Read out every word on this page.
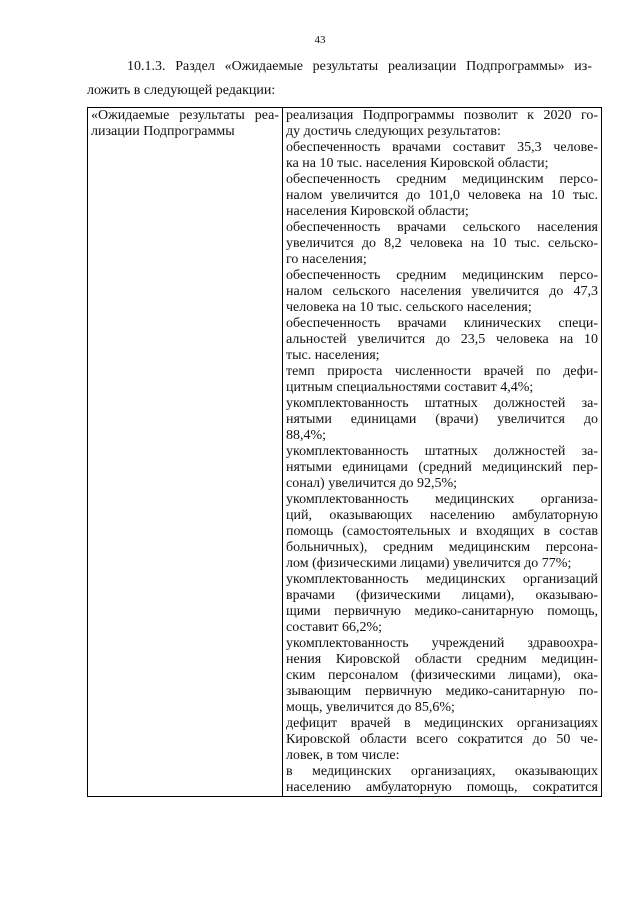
43
10.1.3. Раздел «Ожидаемые результаты реализации Подпрограммы» из-
ложить в следующей редакции:
«Ожидаемые результаты реа-
лизации Подпрограммы

реализация Подпрограммы позволит к 2020 го-
ду достичь следующих результатов:
обеспеченность врачами составит 35,3 челове-
ка на 10 тыс. населения Кировской области;
обеспеченность средним медицинским персо-
налом увеличится до 101,0 человека на 10 тыс.
населения Кировской области;
обеспеченность врачами сельского населения
увеличится до 8,2 человека на 10 тыс. сельско-
го населения;
обеспеченность средним медицинским персо-
налом сельского населения увеличится до 47,3
человека на 10 тыс. сельского населения;
обеспеченность врачами клинических специ-
альностей увеличится до 23,5 человека на 10
тыс. населения;
темп прироста численности врачей по дефи-
цитным специальностями составит 4,4%;
укомплектованность штатных должностей за-
нятыми единицами (врачи) увеличится до
88,4%;
укомплектованность штатных должностей за-
нятыми единицами (средний медицинский пер-
сонал) увеличится до 92,5%;
укомплектованность медицинских организа-
ций, оказывающих населению амбулаторную
помощь (самостоятельных и входящих в состав
больничных), средним медицинским персона-
лом (физическими лицами) увеличится до 77%;
укомплектованность медицинских организаций
врачами (физическими лицами), оказываю-
щими первичную медико-санитарную помощь,
составит 66,2%;
укомплектованность учреждений здравоохра-
нения Кировской области средним медицин-
ским персоналом (физическими лицами), ока-
зывающим первичную медико-санитарную по-
мощь, увеличится до 85,6%;
дефицит врачей в медицинских организациях
Кировской области всего сократится до 50 че-
ловек, в том числе:
в медицинских организациях, оказывающих
населению амбулаторную помощь, сократится
